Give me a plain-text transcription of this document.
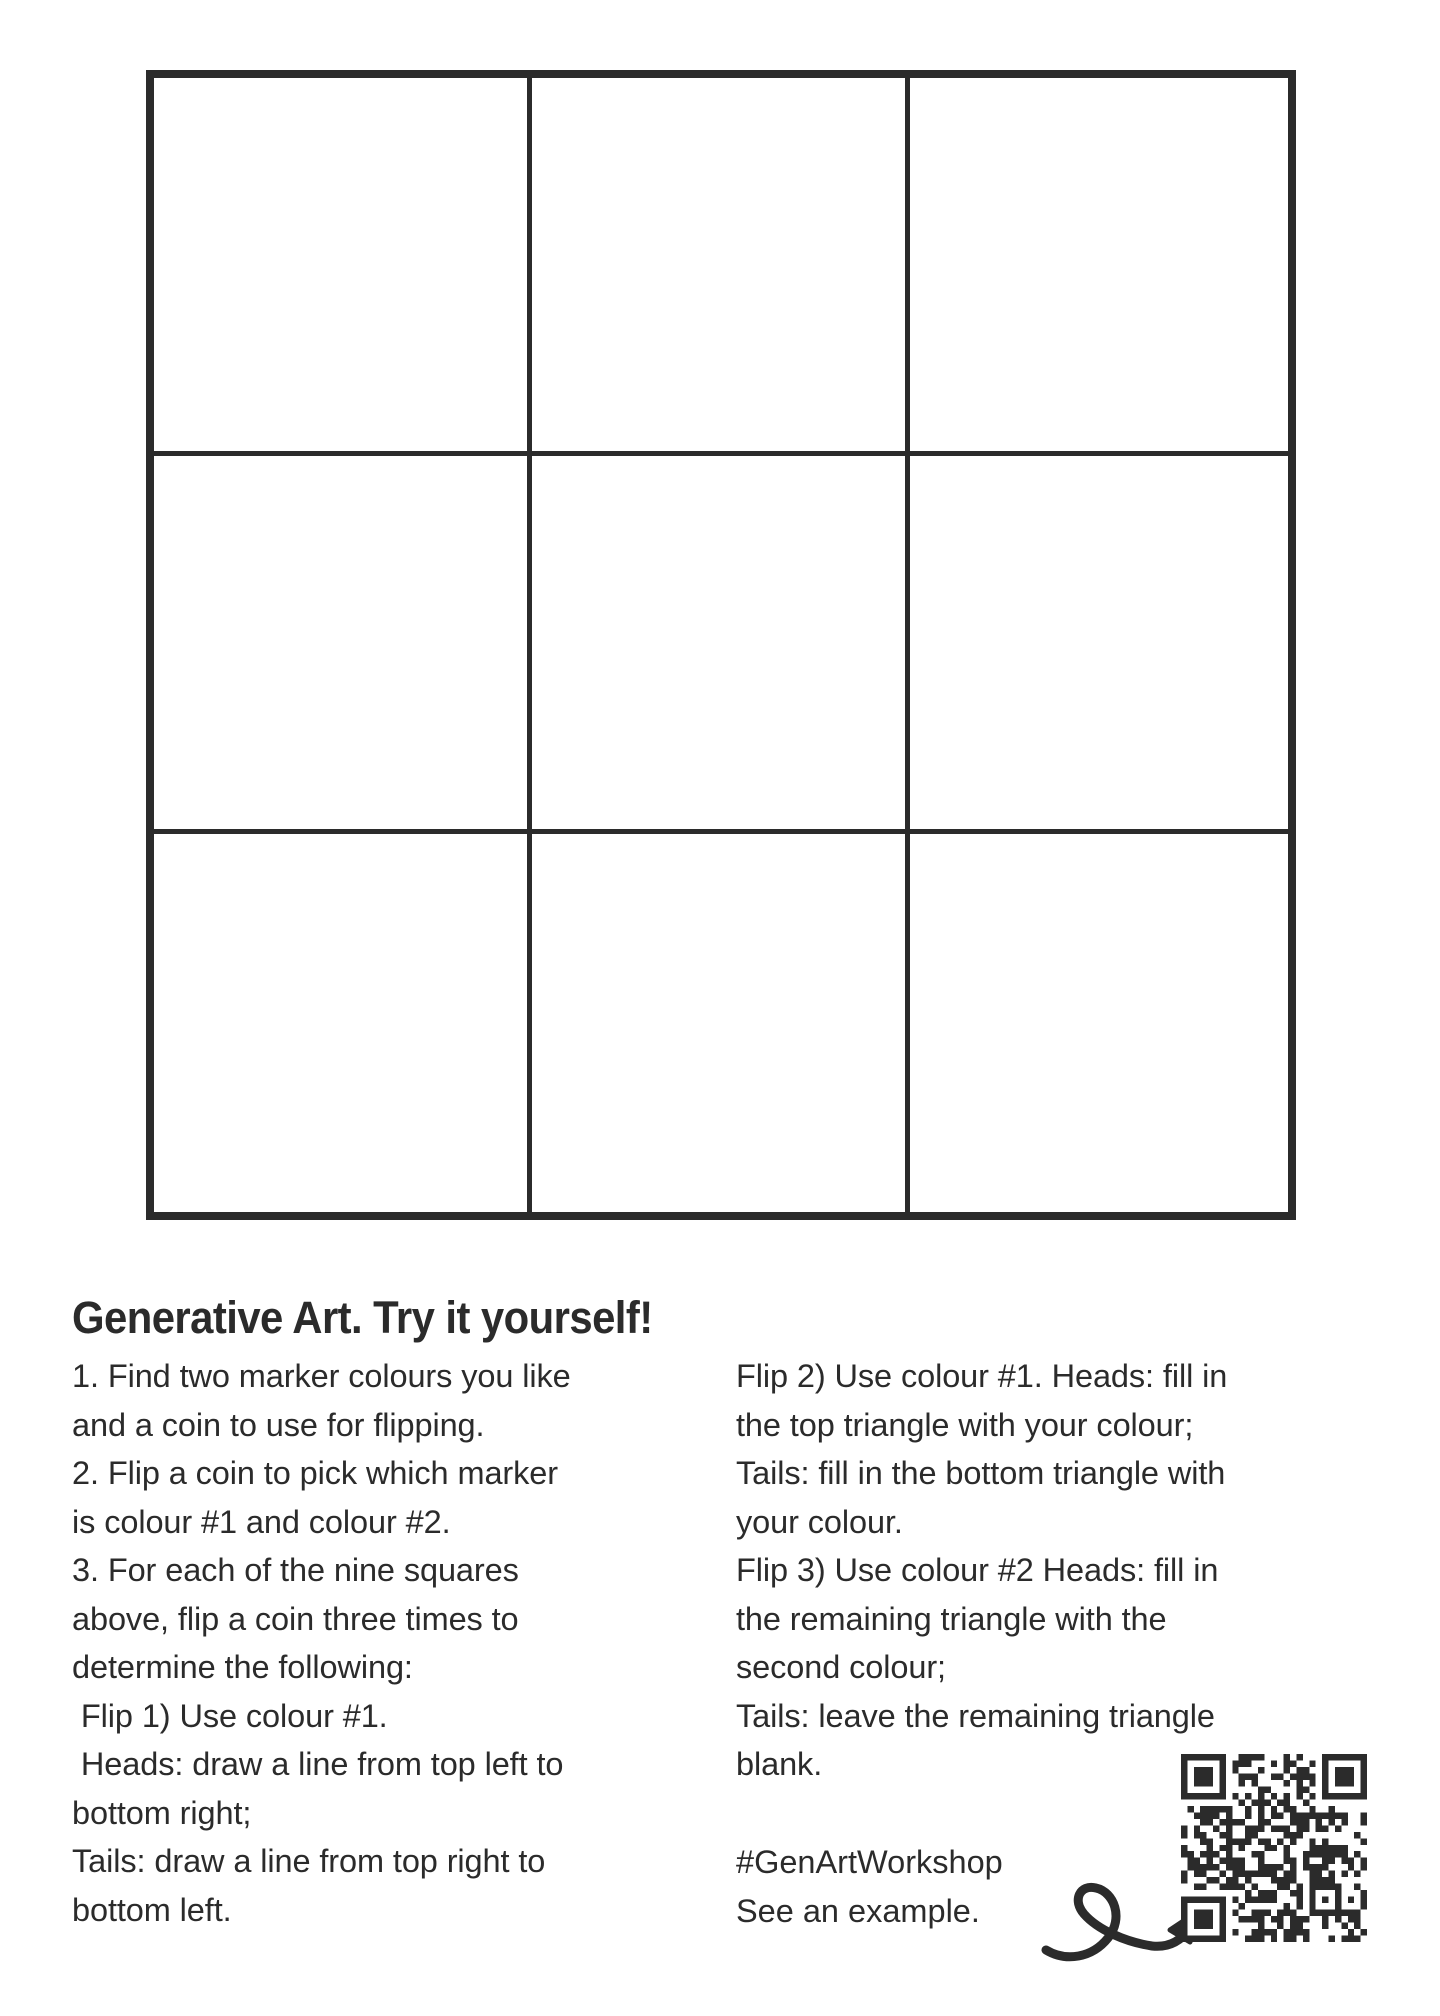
Generative Art. Try it yourself!
1. Find two marker colours you like
and a coin to use for flipping.
2. Flip a coin to pick which marker
is colour #1 and colour #2.
3. For each of the nine squares
above, flip a coin three times to
determine the following:
Flip 1) Use colour #1.
Heads: draw a line from top left to
bottom right;
Tails: draw a line from top right to
bottom left.
Flip 2) Use colour #1. Heads: fill in
the top triangle with your colour;
Tails: fill in the bottom triangle with
your colour.
Flip 3) Use colour #2 Heads: fill in
the remaining triangle with the
second colour;
Tails: leave the remaining triangle
blank.
#GenArtWorkshop
See an example.
